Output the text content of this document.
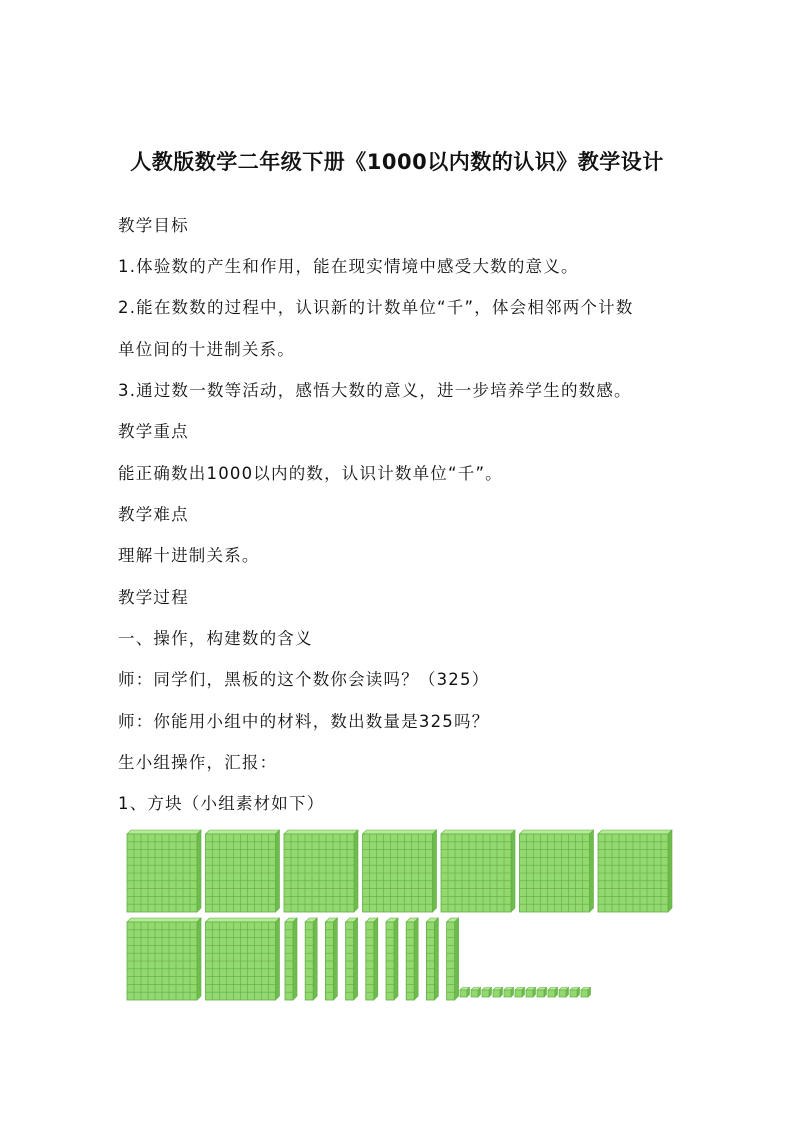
人教版数学二年级下册《1000以内数的认识》教学设计
教学目标
1.体验数的产生和作用，能在现实情境中感受大数的意义。
2.能在数数的过程中，认识新的计数单位“千”，体会相邻两个计数
单位间的十进制关系。
3.通过数一数等活动，感悟大数的意义，进一步培养学生的数感。
教学重点
能正确数出1000以内的数，认识计数单位“千”。
教学难点
理解十进制关系。
教学过程
一、操作，构建数的含义
师：同学们，黑板的这个数你会读吗？（325）
师：你能用小组中的材料，数出数量是325吗？
生小组操作，汇报：
1、方块（小组素材如下）
